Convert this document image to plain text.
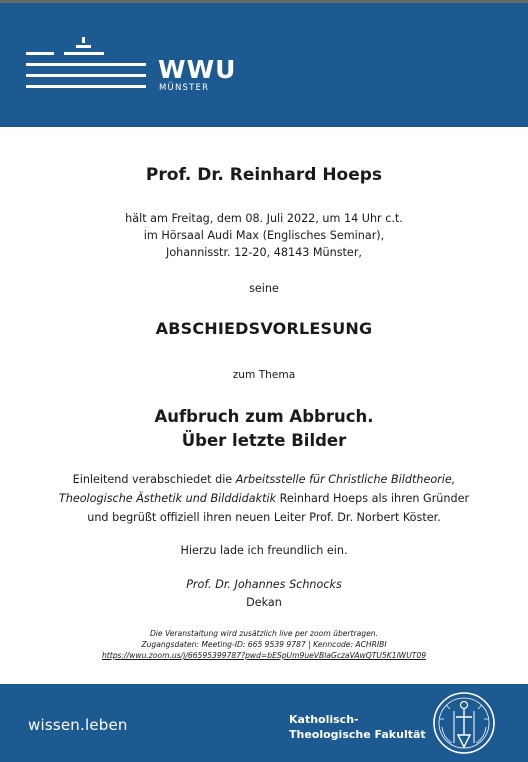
WWU
MÜNSTER
Prof. Dr. Reinhard Hoeps
hält am Freitag, dem 08. Juli 2022, um 14 Uhr c.t.
im Hörsaal Audi Max (Englisches Seminar),
Johannisstr. 12-20, 48143 Münster,
seine
ABSCHIEDSVORLESUNG
zum Thema
Aufbruch zum Abbruch.
Über letzte Bilder
Einleitend verabschiedet die Arbeitsstelle für Christliche Bildtheorie,
Theologische Ästhetik und Bilddidaktik Reinhard Hoeps als ihren Gründer
und begrüßt offiziell ihren neuen Leiter Prof. Dr. Norbert Köster.
Hierzu lade ich freundlich ein.
Prof. Dr. Johannes Schnocks
Dekan
Die Veranstaltung wird zusätzlich live per zoom übertragen.
Zugangsdaten: Meeting-ID: 665 9539 9787 | Kenncode: ACHRIBI
https://wwu.zoom.us/j/66595399787?pwd=bESpUm9ueVBlaGczaVAwQTU5K1lWUT09
wissen.leben	Katholisch-
Theologische Fakultät
